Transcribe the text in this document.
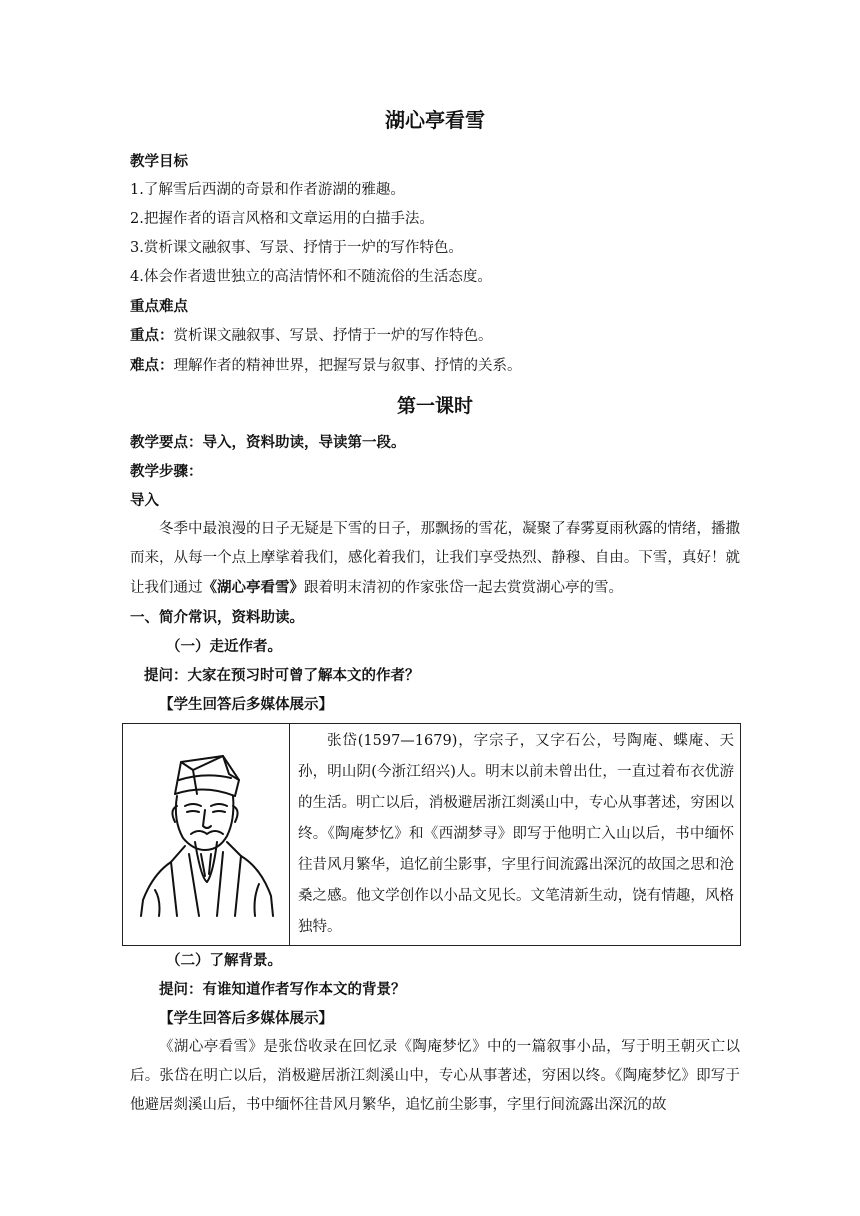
湖心亭看雪
教学目标
1.了解雪后西湖的奇景和作者游湖的雅趣。
2.把握作者的语言风格和文章运用的白描手法。
3.赏析课文融叙事、写景、抒情于一炉的写作特色。
4.体会作者遗世独立的高洁情怀和不随流俗的生活态度。
重点难点
重点：赏析课文融叙事、写景、抒情于一炉的写作特色。
难点：理解作者的精神世界，把握写景与叙事、抒情的关系。
第一课时
教学要点：导入，资料助读，导读第一段。
教学步骤：
导入
冬季中最浪漫的日子无疑是下雪的日子，那飘扬的雪花，凝聚了春雾夏雨秋露的情绪，播撒而来，从每一个点上摩挲着我们，感化着我们，让我们享受热烈、静穆、自由。下雪，真好！就让我们通过《湖心亭看雪》跟着明末清初的作家张岱一起去赏赏湖心亭的雪。
一、简介常识，资料助读。
（一）走近作者。
提问：大家在预习时可曾了解本文的作者？
【学生回答后多媒体展示】
张岱(1597—1679)，字宗子，又字石公，号陶庵、蝶庵、天孙，明山阴(今浙江绍兴)人。明末以前未曾出仕，一直过着布衣优游的生活。明亡以后，消极避居浙江剡溪山中，专心从事著述，穷困以终。《陶庵梦忆》和《西湖梦寻》即写于他明亡入山以后，书中缅怀往昔风月繁华，追忆前尘影事，字里行间流露出深沉的故国之思和沧桑之感。他文学创作以小品文见长。文笔清新生动，饶有情趣，风格独特。
（二）了解背景。
提问：有谁知道作者写作本文的背景？
【学生回答后多媒体展示】
《湖心亭看雪》是张岱收录在回忆录《陶庵梦忆》中的一篇叙事小品，写于明王朝灭亡以后。张岱在明亡以后，消极避居浙江剡溪山中，专心从事著述，穷困以终。《陶庵梦忆》即写于他避居剡溪山后，书中缅怀往昔风月繁华，追忆前尘影事，字里行间流露出深沉的故
